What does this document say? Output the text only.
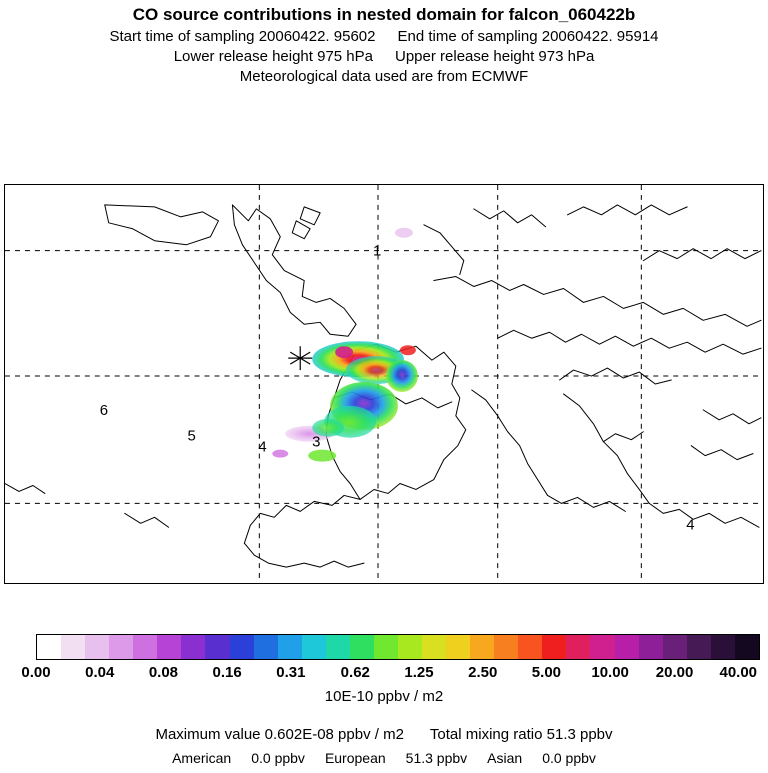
CO source contributions in nested domain for falcon_060422b
Start time of sampling 20060422. 95602 End time of sampling 20060422. 95914
Lower release height 975 hPa Upper release height 973 hPa
Meteorological data used are from ECMWF
1
6
5
4	3
4
0.00 0.04 0.08 0.16 0.31 0.62 1.25 2.50 5.00 10.00 20.00 40.00
10E-10 ppbv / m2
Maximum value 0.602E-08 ppbv / m2 Total mixing ratio 51.3 ppbv
American 0.0 ppbv European 51.3 ppbv Asian 0.0 ppbv
